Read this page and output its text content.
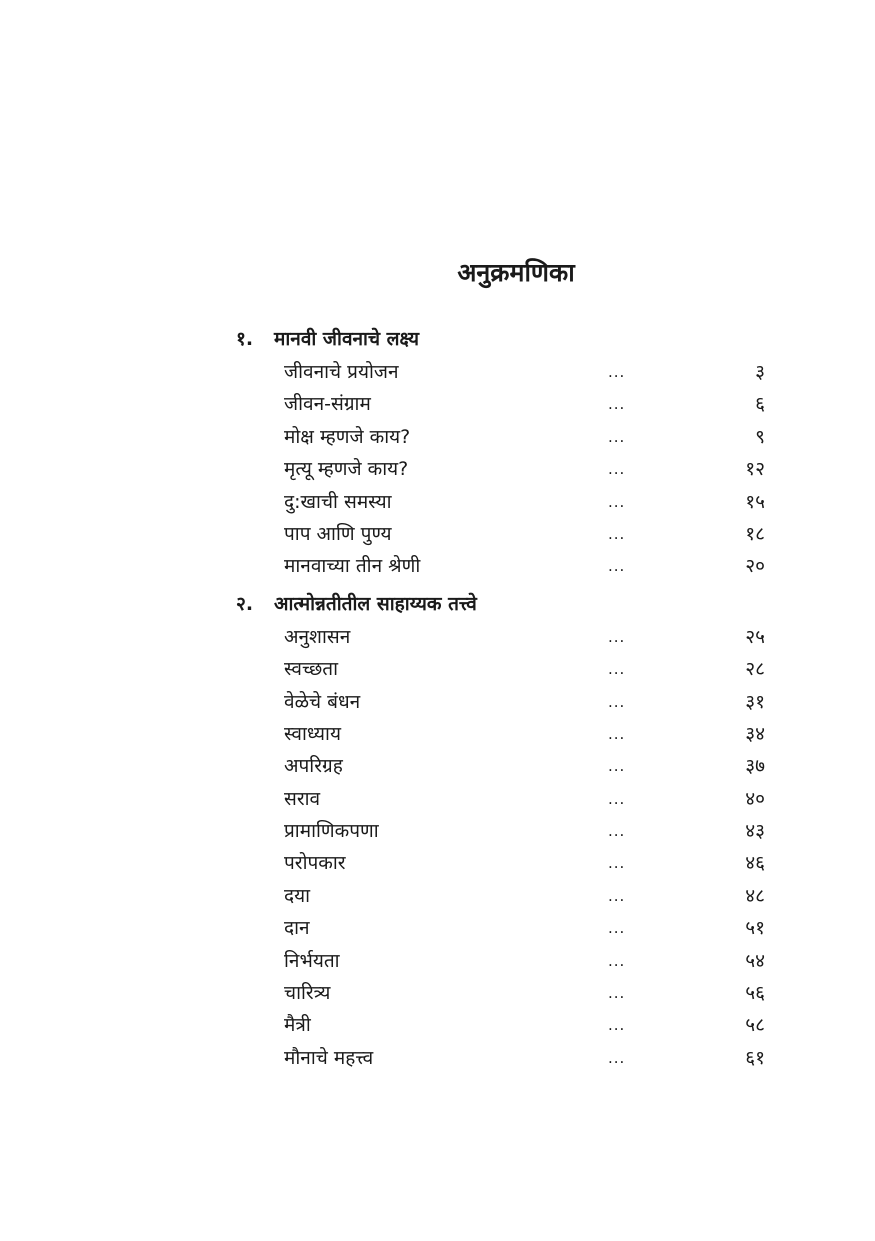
अनुक्रमणिका
१. मानवी जीवनाचे लक्ष्य
जीवनाचे प्रयोजन	...	३
जीवन-संग्राम	...	६
मोक्ष म्हणजे काय?	...	९
मृत्यू म्हणजे काय?	...	१२
दु:खाची समस्या	...	१५
पाप आणि पुण्य	...	१८
मानवाच्या तीन श्रेणी	...	२०
२. आत्मोन्नतीतील साहाय्यक तत्त्वे
अनुशासन	...	२५
स्वच्छता	...	२८
वेळेचे बंधन	...	३१
स्वाध्याय	...	३४
अपरिग्रह	...	३७
सराव	...	४०
प्रामाणिकपणा	...	४३
परोपकार	...	४६
दया	...	४८
दान	...	५१
निर्भयता	...	५४
चारित्र्य	...	५६
मैत्री	...	५८
मौनाचे महत्त्व	...	६१
